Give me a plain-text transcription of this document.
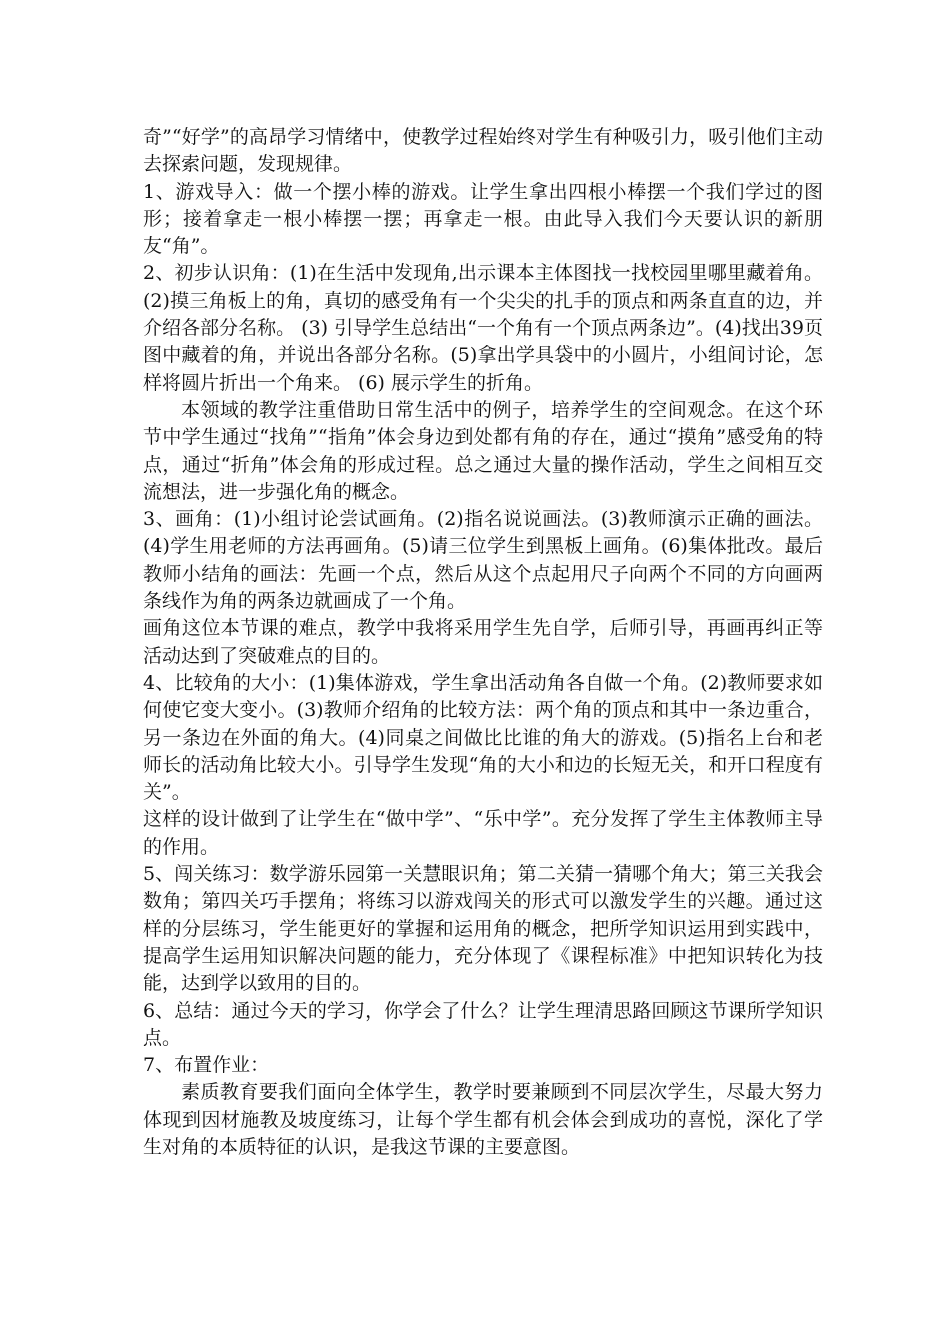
奇”“好学”的高昂学习情绪中，使教学过程始终对学生有种吸引力，吸引他们主动去探索问题，发现规律。

1、游戏导入：做一个摆小棒的游戏。让学生拿出四根小棒摆一个我们学过的图形；接着拿走一根小棒摆一摆；再拿走一根。由此导入我们今天要认识的新朋友“角”。

2、初步认识角：(1)在生活中发现角,出示课本主体图找一找校园里哪里藏着角。(2)摸三角板上的角，真切的感受角有一个尖尖的扎手的顶点和两条直直的边，并介绍各部分名称。 (3) 引导学生总结出“一个角有一个顶点两条边”。(4)找出39页图中藏着的角，并说出各部分名称。(5)拿出学具袋中的小圆片，小组间讨论，怎样将圆片折出一个角来。 (6) 展示学生的折角。

本领域的教学注重借助日常生活中的例子，培养学生的空间观念。在这个环节中学生通过“找角”“指角”体会身边到处都有角的存在，通过“摸角”感受角的特点，通过“折角”体会角的形成过程。总之通过大量的操作活动，学生之间相互交流想法，进一步强化角的概念。

3、画角：(1)小组讨论尝试画角。(2)指名说说画法。(3)教师演示正确的画法。(4)学生用老师的方法再画角。(5)请三位学生到黑板上画角。(6)集体批改。最后教师小结角的画法：先画一个点，然后从这个点起用尺子向两个不同的方向画两条线作为角的两条边就画成了一个角。

画角这位本节课的难点，教学中我将采用学生先自学，后师引导，再画再纠正等活动达到了突破难点的目的。

4、比较角的大小：(1)集体游戏，学生拿出活动角各自做一个角。(2)教师要求如何使它变大变小。(3)教师介绍角的比较方法：两个角的顶点和其中一条边重合，另一条边在外面的角大。(4)同桌之间做比比谁的角大的游戏。(5)指名上台和老师长的活动角比较大小。引导学生发现“角的大小和边的长短无关，和开口程度有关”。

这样的设计做到了让学生在“做中学”、“乐中学”。充分发挥了学生主体教师主导的作用。

5、闯关练习：数学游乐园第一关慧眼识角；第二关猜一猜哪个角大；第三关我会数角；第四关巧手摆角；将练习以游戏闯关的形式可以激发学生的兴趣。通过这样的分层练习，学生能更好的掌握和运用角的概念，把所学知识运用到实践中，提高学生运用知识解决问题的能力，充分体现了《课程标准》中把知识转化为技能，达到学以致用的目的。

6、总结：通过今天的学习，你学会了什么？让学生理清思路回顾这节课所学知识点。

7、布置作业：

素质教育要我们面向全体学生，教学时要兼顾到不同层次学生，尽最大努力体现到因材施教及坡度练习，让每个学生都有机会体会到成功的喜悦，深化了学生对角的本质特征的认识，是我这节课的主要意图。
